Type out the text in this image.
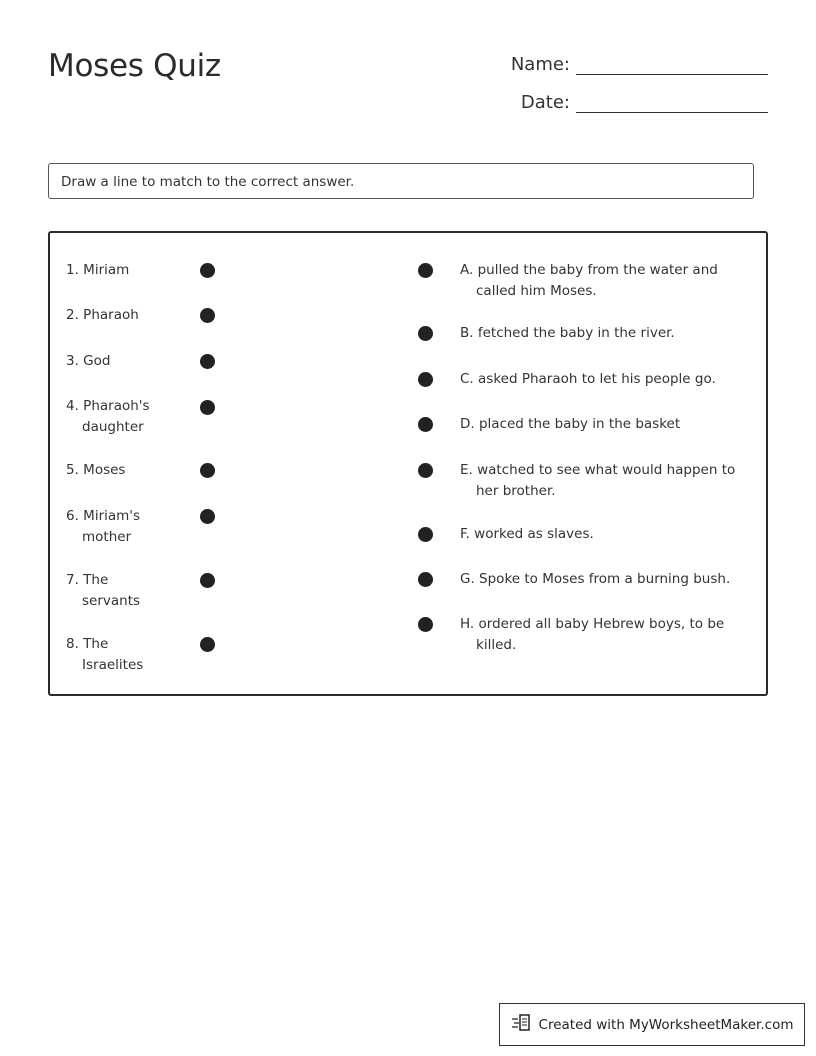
Moses Quiz	Name:
Date:
Draw a line to match to the correct answer.
1. Miriam
2. Pharaoh
3. God
4. Pharaoh's daughter
5. Moses
6. Miriam's mother
7. The servants
8. The Israelites
A. pulled the baby from the water and called him Moses.
B. fetched the baby in the river.
C. asked Pharaoh to let his people go.
D. placed the baby in the basket
E. watched to see what would happen to her brother.
F. worked as slaves.
G. Spoke to Moses from a burning bush.
H. ordered all baby Hebrew boys, to be killed.
Created with MyWorksheetMaker.com
